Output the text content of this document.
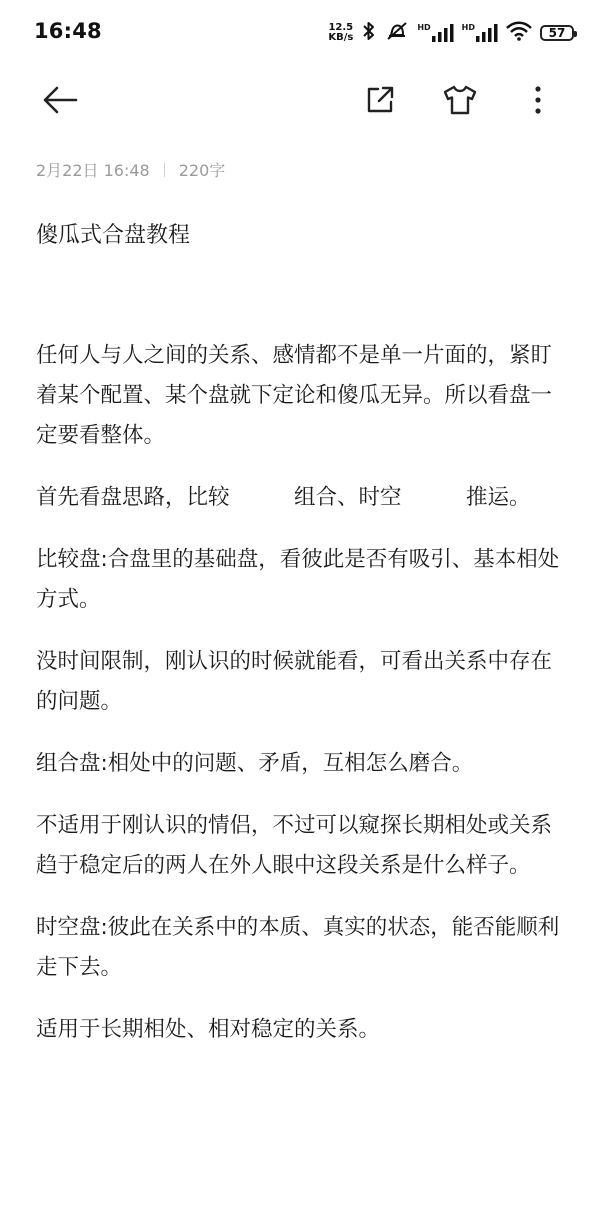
16:48	12.5
KB/s
HD	HD	57
2月22日 16:48 220字
傻瓜式合盘教程

任何人与人之间的关系、感情都不是单一片面的，紧盯着某个配置、某个盘就下定论和傻瓜无异。所以看盘一定要看整体。

首先看盘思路，比较　　　组合、时空　　　推运。

比较盘:合盘里的基础盘，看彼此是否有吸引、基本相处方式。

没时间限制，刚认识的时候就能看，可看出关系中存在的问题。

组合盘:相处中的问题、矛盾，互相怎么磨合。

不适用于刚认识的情侣，不过可以窥探长期相处或关系趋于稳定后的两人在外人眼中这段关系是什么样子。

时空盘:彼此在关系中的本质、真实的状态，能否能顺利走下去。

适用于长期相处、相对稳定的关系。
